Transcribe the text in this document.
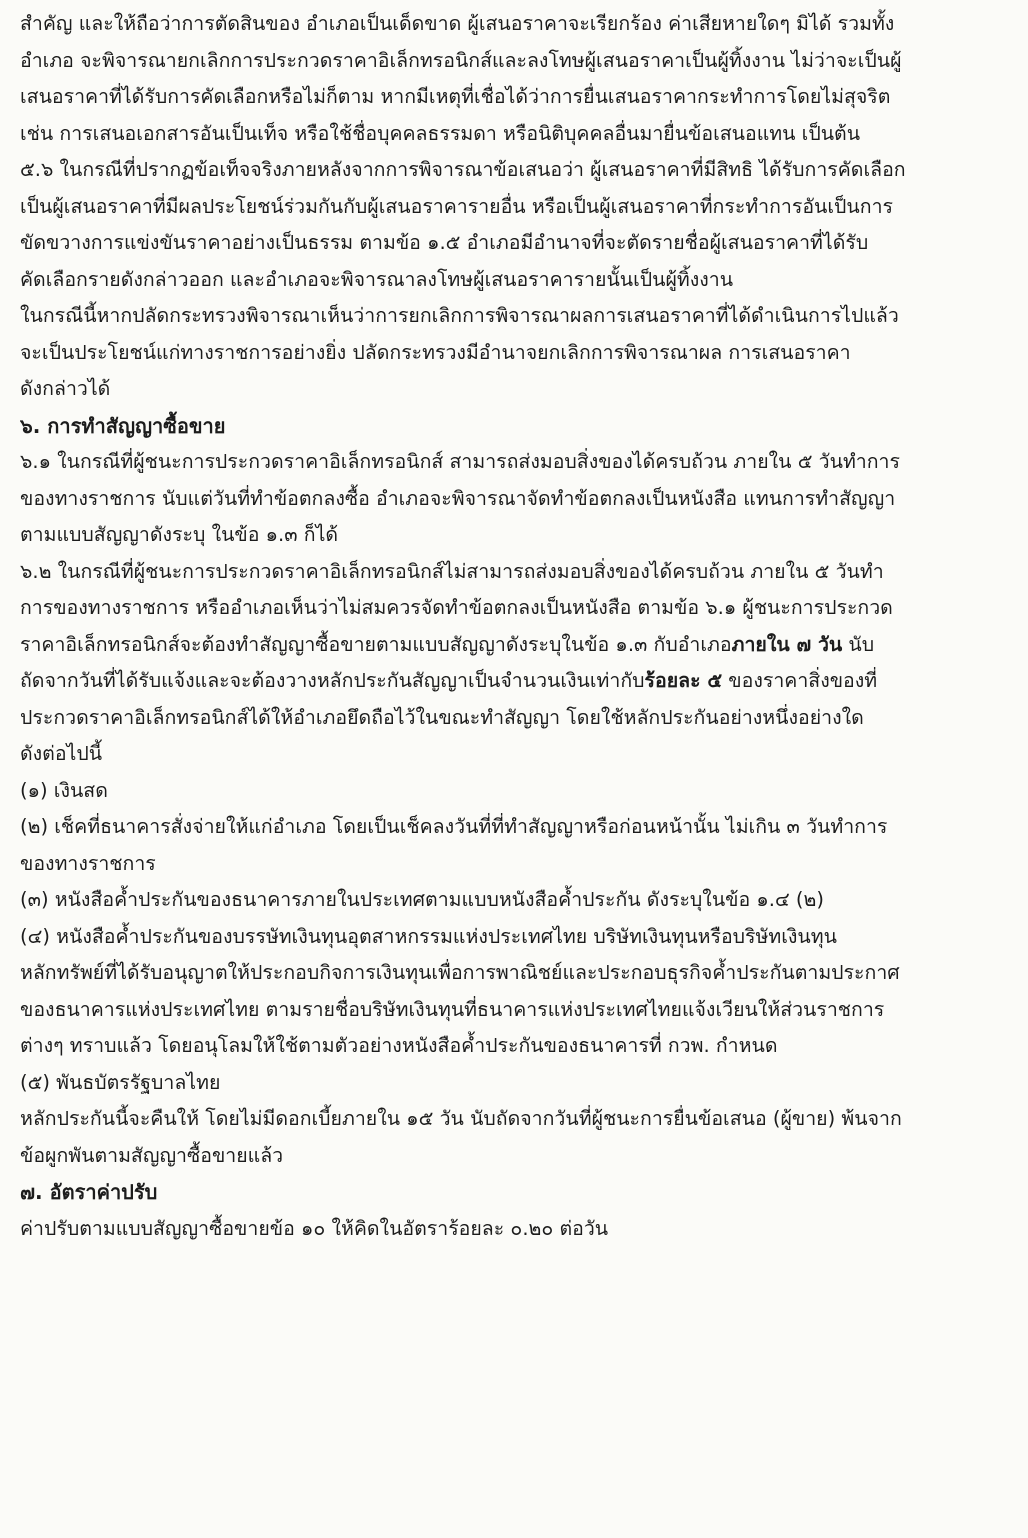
สำคัญ และให้ถือว่าการตัดสินของ อำเภอเป็นเด็ดขาด ผู้เสนอราคาจะเรียกร้อง ค่าเสียหายใดๆ มิได้ รวมทั้ง
อำเภอ จะพิจารณายกเลิกการประกวดราคาอิเล็กทรอนิกส์และลงโทษผู้เสนอราคาเป็นผู้ทิ้งงาน ไม่ว่าจะเป็นผู้
เสนอราคาที่ได้รับการคัดเลือกหรือไม่ก็ตาม หากมีเหตุที่เชื่อได้ว่าการยื่นเสนอราคากระทำการโดยไม่สุจริต
เช่น การเสนอเอกสารอันเป็นเท็จ หรือใช้ชื่อบุคคลธรรมดา หรือนิติบุคคลอื่นมายื่นข้อเสนอแทน เป็นต้น
๕.๖ ในกรณีที่ปรากฏข้อเท็จจริงภายหลังจากการพิจารณาข้อเสนอว่า ผู้เสนอราคาที่มีสิทธิ ได้รับการคัดเลือก
เป็นผู้เสนอราคาที่มีผลประโยชน์ร่วมกันกับผู้เสนอราคารายอื่น หรือเป็นผู้เสนอราคาที่กระทำการอันเป็นการ
ขัดขวางการแข่งขันราคาอย่างเป็นธรรม ตามข้อ ๑.๕ อำเภอมีอำนาจที่จะตัดรายชื่อผู้เสนอราคาที่ได้รับ
คัดเลือกรายดังกล่าวออก และอำเภอจะพิจารณาลงโทษผู้เสนอราคารายนั้นเป็นผู้ทิ้งงาน
ในกรณีนี้หากปลัดกระทรวงพิจารณาเห็นว่าการยกเลิกการพิจารณาผลการเสนอราคาที่ได้ดำเนินการไปแล้ว
จะเป็นประโยชน์แก่ทางราชการอย่างยิ่ง ปลัดกระทรวงมีอำนาจยกเลิกการพิจารณาผล การเสนอราคา
ดังกล่าวได้
๖. การทำสัญญาซื้อขาย
๖.๑ ในกรณีที่ผู้ชนะการประกวดราคาอิเล็กทรอนิกส์ สามารถส่งมอบสิ่งของได้ครบถ้วน ภายใน ๕ วันทำการ
ของทางราชการ นับแต่วันที่ทำข้อตกลงซื้อ อำเภอจะพิจารณาจัดทำข้อตกลงเป็นหนังสือ แทนการทำสัญญา
ตามแบบสัญญาดังระบุ ในข้อ ๑.๓ ก็ได้
๖.๒ ในกรณีที่ผู้ชนะการประกวดราคาอิเล็กทรอนิกส์ไม่สามารถส่งมอบสิ่งของได้ครบถ้วน ภายใน ๕ วันทำ
การของทางราชการ หรืออำเภอเห็นว่าไม่สมควรจัดทำข้อตกลงเป็นหนังสือ ตามข้อ ๖.๑ ผู้ชนะการประกวด
ราคาอิเล็กทรอนิกส์จะต้องทำสัญญาซื้อขายตามแบบสัญญาดังระบุในข้อ ๑.๓ กับอำเภอภายใน ๗ วัน นับ
ถัดจากวันที่ได้รับแจ้งและจะต้องวางหลักประกันสัญญาเป็นจำนวนเงินเท่ากับร้อยละ ๕ ของราคาสิ่งของที่
ประกวดราคาอิเล็กทรอนิกส์ได้ให้อำเภอยึดถือไว้ในขณะทำสัญญา โดยใช้หลักประกันอย่างหนึ่งอย่างใด
ดังต่อไปนี้
(๑) เงินสด
(๒) เช็คที่ธนาคารสั่งจ่ายให้แก่อำเภอ โดยเป็นเช็คลงวันที่ที่ทำสัญญาหรือก่อนหน้านั้น ไม่เกิน ๓ วันทำการ
ของทางราชการ
(๓) หนังสือค้ำประกันของธนาคารภายในประเทศตามแบบหนังสือค้ำประกัน ดังระบุในข้อ ๑.๔ (๒)
(๔) หนังสือค้ำประกันของบรรษัทเงินทุนอุตสาหกรรมแห่งประเทศไทย บริษัทเงินทุนหรือบริษัทเงินทุน
หลักทรัพย์ที่ได้รับอนุญาตให้ประกอบกิจการเงินทุนเพื่อการพาณิชย์และประกอบธุรกิจค้ำประกันตามประกาศ
ของธนาคารแห่งประเทศไทย ตามรายชื่อบริษัทเงินทุนที่ธนาคารแห่งประเทศไทยแจ้งเวียนให้ส่วนราชการ
ต่างๆ ทราบแล้ว โดยอนุโลมให้ใช้ตามตัวอย่างหนังสือค้ำประกันของธนาคารที่ กวพ. กำหนด
(๕) พันธบัตรรัฐบาลไทย
หลักประกันนี้จะคืนให้ โดยไม่มีดอกเบี้ยภายใน ๑๕ วัน นับถัดจากวันที่ผู้ชนะการยื่นข้อเสนอ (ผู้ขาย) พ้นจาก
ข้อผูกพันตามสัญญาซื้อขายแล้ว
๗. อัตราค่าปรับ
ค่าปรับตามแบบสัญญาซื้อขายข้อ ๑๐ ให้คิดในอัตราร้อยละ ๐.๒๐ ต่อวัน
